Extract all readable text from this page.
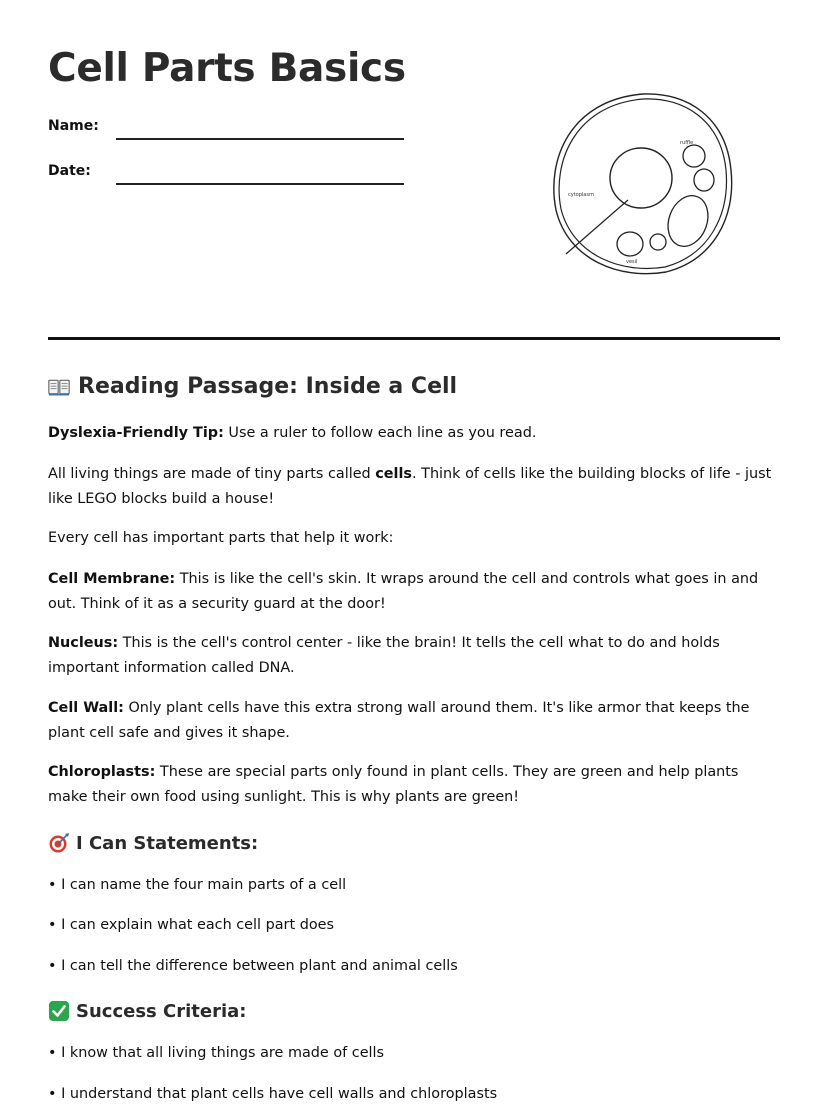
Cell Parts Basics
Name:
Date:
ruffle
cytoplasm
vesil
Reading Passage: Inside a Cell

Dyslexia-Friendly Tip: Use a ruler to follow each line as you read.

All living things are made of tiny parts called cells. Think of cells like the building blocks of life - just like LEGO blocks build a house!

Every cell has important parts that help it work:

Cell Membrane: This is like the cell's skin. It wraps around the cell and controls what goes in and out. Think of it as a security guard at the door!

Nucleus: This is the cell's control center - like the brain! It tells the cell what to do and holds important information called DNA.

Cell Wall: Only plant cells have this extra strong wall around them. It's like armor that keeps the plant cell safe and gives it shape.

Chloroplasts: These are special parts only found in plant cells. They are green and help plants make their own food using sunlight. This is why plants are green!

I Can Statements:

• I can name the four main parts of a cell

• I can explain what each cell part does

• I can tell the difference between plant and animal cells

Success Criteria:

• I know that all living things are made of cells

• I understand that plant cells have cell walls and chloroplasts
